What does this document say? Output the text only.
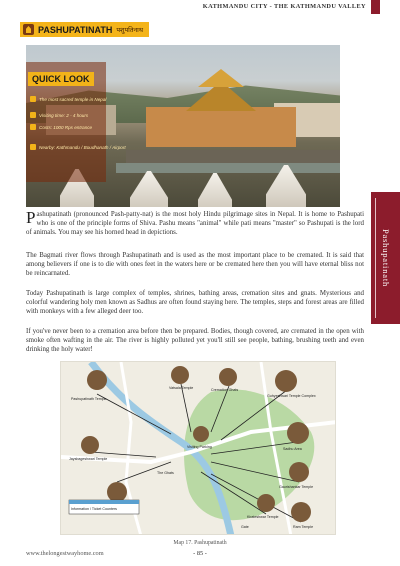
KATHMANDU CITY - THE KATHMANDU VALLEY
PASHUPATINATH पशुपतिनाथ
QUICK LOOK
The most sacred temple in Nepal
Visiting time: 2 - 4 hours
Costs: 1000 Rps entrance
Nearby: Kathmandu / Boudhanath / Airport
Pashupatinath (pronounced Pash-patty-nat) is the most holy Hindu pilgrimage sites in Nepal. It is home to Pashupati who is one of the principle forms of Shiva. Pashu means "animal" while pati means "master" so Pashupati is the lord of animals. You may see his horned head in depictions.
The Bagmati river flows through Pashupatinath and is used as the most important place to be cremated. It is said that among believers if one is to die with ones feet in the waters here or be cremated here then you will have eternal bliss not be reincarnated.
Today Pashupatinath is large complex of temples, shrines, bathing areas, cremation sites and gnats. Mysterious and colorful wandering holy men known as Sadhus are often found staying here. The temples, steps and forest areas are filled with monkeys with a few alleged deer too.
If you've never been to a cremation area before then be prepared. Bodies, though covered, are cremated in the open with smoke often wafting in the air. The river is highly polluted yet you'll still see people, bathing, brushing teeth and even drinking the holy water!
Pashupatinath
Pashupatinath Temple
Vatsala Temple	Cremation Ghats
Guhyeshwari Temple Complex
Visiting Parking	Sadhu Area
Jaysbageshwari Temple
The Ghats
Gaurishankar Temple
Kirateshwar Temple
Ram Temple
Gate
Information / Ticket Counters
Map 17. Pashupatinath
www.thelongestwayhome.com	- 85 -
